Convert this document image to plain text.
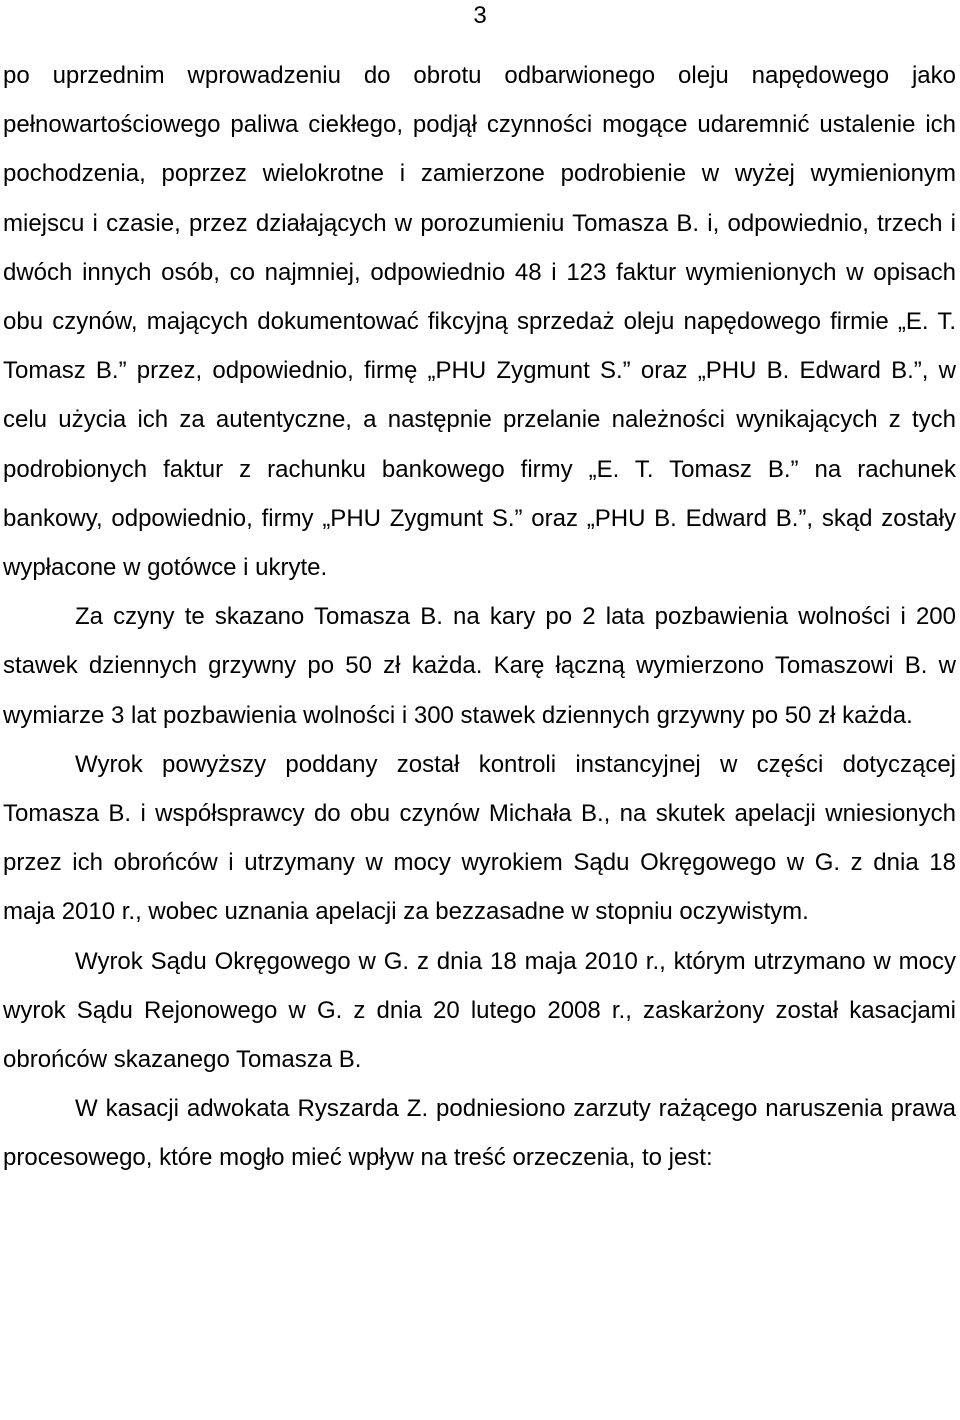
3

po uprzednim wprowadzeniu do obrotu odbarwionego oleju napędowego jako pełnowartościowego paliwa ciekłego, podjął czynności mogące udaremnić ustalenie ich pochodzenia, poprzez wielokrotne i zamierzone podrobienie w wyżej wymienionym miejscu i czasie, przez działających w porozumieniu Tomasza B. i, odpowiednio, trzech i dwóch innych osób, co najmniej, odpowiednio 48 i 123 faktur wymienionych w opisach obu czynów, mających dokumentować fikcyjną sprzedaż oleju napędowego firmie „E. T. Tomasz B.” przez, odpowiednio, firmę „PHU Zygmunt S.” oraz „PHU B. Edward B.”, w celu użycia ich za autentyczne, a następnie przelanie należności wynikających z tych podrobionych faktur z rachunku bankowego firmy „E. T. Tomasz B.” na rachunek bankowy, odpowiednio, firmy „PHU Zygmunt S.” oraz „PHU B. Edward B.”, skąd zostały wypłacone w gotówce i ukryte.

Za czyny te skazano Tomasza B. na kary po 2 lata pozbawienia wolności i 200 stawek dziennych grzywny po 50 zł każda. Karę łączną wymierzono Tomaszowi B. w wymiarze 3 lat pozbawienia wolności i 300 stawek dziennych grzywny po 50 zł każda.

Wyrok powyższy poddany został kontroli instancyjnej w części dotyczącej Tomasza B. i współsprawcy do obu czynów Michała B., na skutek apelacji wniesionych przez ich obrońców i utrzymany w mocy wyrokiem Sądu Okręgowego w G. z dnia 18 maja 2010 r., wobec uznania apelacji za bezzasadne w stopniu oczywistym.

Wyrok Sądu Okręgowego w G. z dnia 18 maja 2010 r., którym utrzymano w mocy wyrok Sądu Rejonowego w G. z dnia 20 lutego 2008 r., zaskarżony został kasacjami obrońców skazanego Tomasza B.

W kasacji adwokata Ryszarda Z. podniesiono zarzuty rażącego naruszenia prawa procesowego, które mogło mieć wpływ na treść orzeczenia, to jest:
